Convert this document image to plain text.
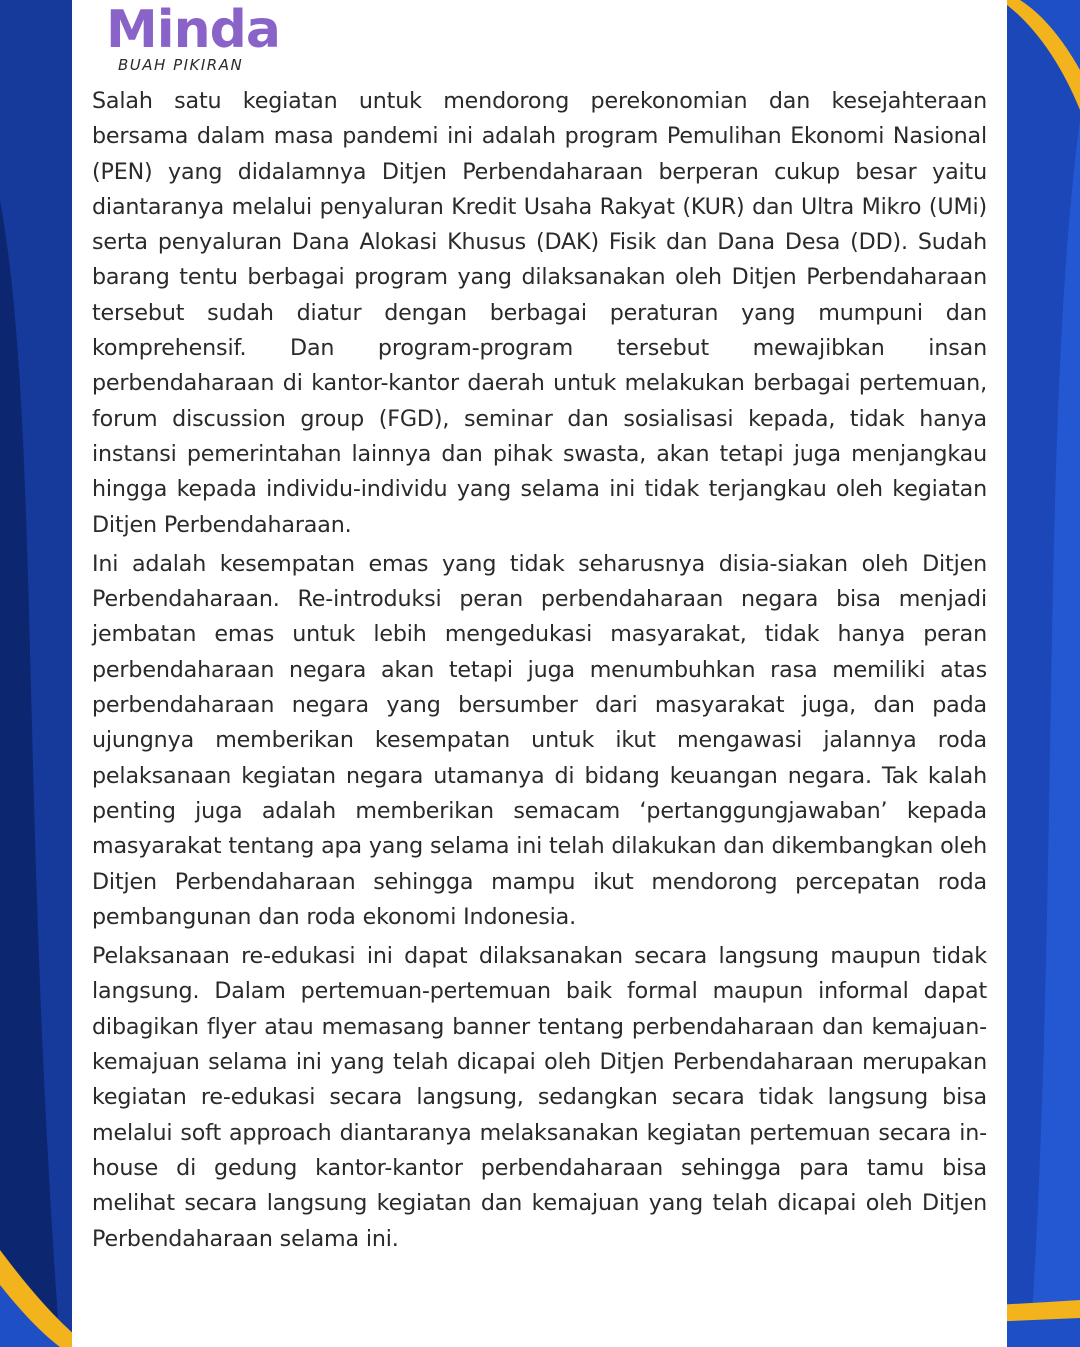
Minda
BUAH PIKIRAN

Salah satu kegiatan untuk mendorong perekonomian dan kesejahteraan bersama dalam masa pandemi ini adalah program Pemulihan Ekonomi Nasional (PEN) yang didalamnya Ditjen Perbendaharaan berperan cukup besar yaitu diantaranya melalui penyaluran Kredit Usaha Rakyat (KUR) dan Ultra Mikro (UMi) serta penyaluran Dana Alokasi Khusus (DAK) Fisik dan Dana Desa (DD). Sudah barang tentu berbagai program yang dilaksanakan oleh Ditjen Perbendaharaan tersebut sudah diatur dengan berbagai peraturan yang mumpuni dan komprehensif. Dan program-program tersebut mewajibkan insan perbendaharaan di kantor-kantor daerah untuk melakukan berbagai pertemuan, forum discussion group (FGD), seminar dan sosialisasi kepada, tidak hanya instansi pemerintahan lainnya dan pihak swasta, akan tetapi juga menjangkau hingga kepada individu-individu yang selama ini tidak terjangkau oleh kegiatan Ditjen Perbendaharaan.

Ini adalah kesempatan emas yang tidak seharusnya disia-siakan oleh Ditjen Perbendaharaan. Re-introduksi peran perbendaharaan negara bisa menjadi jembatan emas untuk lebih mengedukasi masyarakat, tidak hanya peran perbendaharaan negara akan tetapi juga menumbuhkan rasa memiliki atas perbendaharaan negara yang bersumber dari masyarakat juga, dan pada ujungnya memberikan kesempatan untuk ikut mengawasi jalannya roda pelaksanaan kegiatan negara utamanya di bidang keuangan negara. Tak kalah penting juga adalah memberikan semacam ‘pertanggungjawaban’ kepada masyarakat tentang apa yang selama ini telah dilakukan dan dikembangkan oleh Ditjen Perbendaharaan sehingga mampu ikut mendorong percepatan roda pembangunan dan roda ekonomi Indonesia.

Pelaksanaan re-edukasi ini dapat dilaksanakan secara langsung maupun tidak langsung. Dalam pertemuan-pertemuan baik formal maupun informal dapat dibagikan flyer atau memasang banner tentang perbendaharaan dan kemajuan-kemajuan selama ini yang telah dicapai oleh Ditjen Perbendaharaan merupakan kegiatan re-edukasi secara langsung, sedangkan secara tidak langsung bisa melalui soft approach diantaranya melaksanakan kegiatan pertemuan secara in-house di gedung kantor-kantor perbendaharaan sehingga para tamu bisa melihat secara langsung kegiatan dan kemajuan yang telah dicapai oleh Ditjen Perbendaharaan selama ini.
